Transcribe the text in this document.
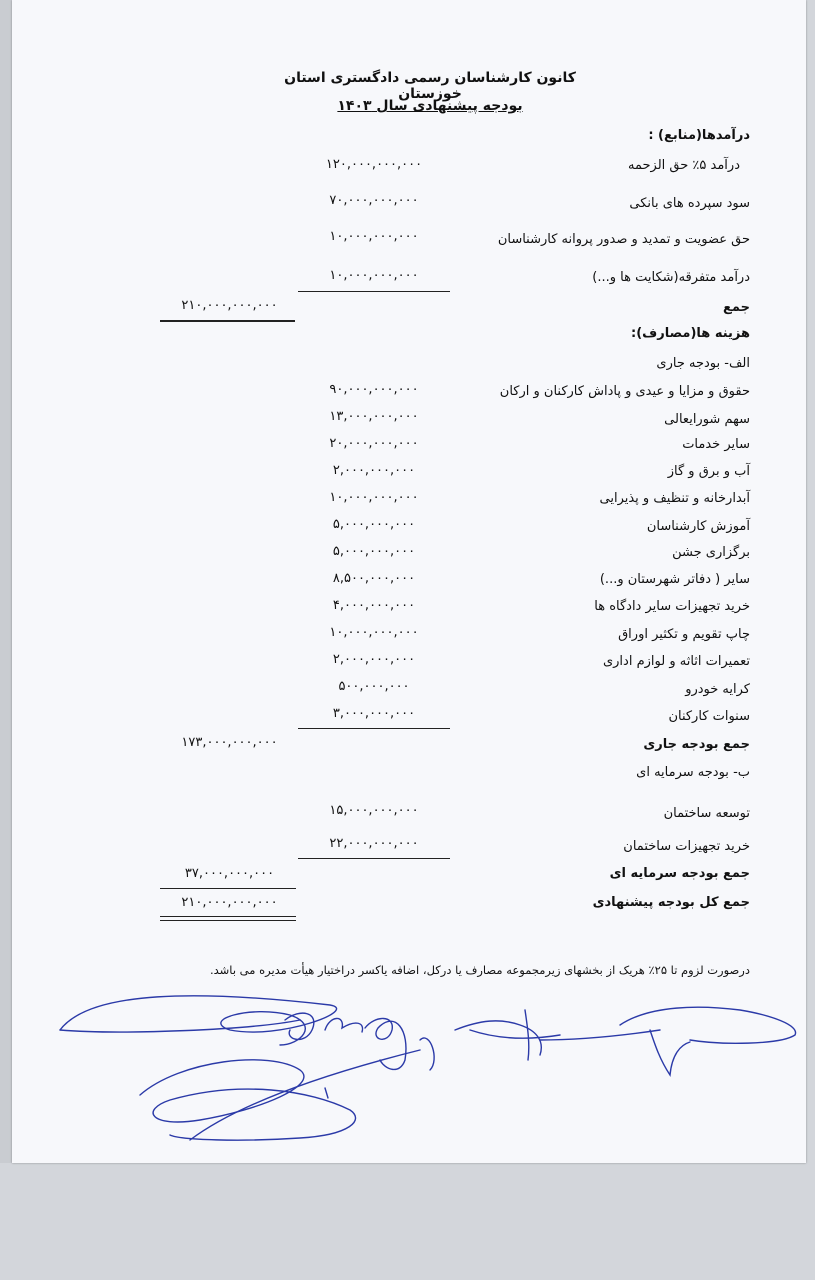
کانون کارشناسان رسمی دادگستری استان خوزستان
بودجه پیشنهادی سال ۱۴۰۳
درآمدها(منابع) :
درآمد ۵٪ حق الزحمه
۱۲۰,۰۰۰,۰۰۰,۰۰۰
سود سپرده های بانکی
۷۰,۰۰۰,۰۰۰,۰۰۰
حق عضویت و تمدید و صدور پروانه کارشناسان
۱۰,۰۰۰,۰۰۰,۰۰۰
درآمد متفرقه(شکایت ها و...)
۱۰,۰۰۰,۰۰۰,۰۰۰
جمع
۲۱۰,۰۰۰,۰۰۰,۰۰۰
هزینه ها(مصارف):
الف- بودجه جاری
حقوق و مزایا و عیدی و پاداش کارکنان و ارکان
۹۰,۰۰۰,۰۰۰,۰۰۰
سهم شورایعالی
۱۳,۰۰۰,۰۰۰,۰۰۰
سایر خدمات
۲۰,۰۰۰,۰۰۰,۰۰۰
آب و برق و گاز
۲,۰۰۰,۰۰۰,۰۰۰
آبدارخانه و تنظیف و پذیرایی
۱۰,۰۰۰,۰۰۰,۰۰۰
آموزش کارشناسان
۵,۰۰۰,۰۰۰,۰۰۰
برگزاری جشن
۵,۰۰۰,۰۰۰,۰۰۰
سایر ( دفاتر شهرستان و...)
۸,۵۰۰,۰۰۰,۰۰۰
خرید تجهیزات سایر دادگاه ها
۴,۰۰۰,۰۰۰,۰۰۰
چاپ تقویم و تکثیر اوراق
۱۰,۰۰۰,۰۰۰,۰۰۰
تعمیرات اثاثه و لوازم اداری
۲,۰۰۰,۰۰۰,۰۰۰
کرایه خودرو
۵۰۰,۰۰۰,۰۰۰
سنوات کارکنان
۳,۰۰۰,۰۰۰,۰۰۰
جمع بودجه جاری
۱۷۳,۰۰۰,۰۰۰,۰۰۰
ب- بودجه سرمایه ای
توسعه ساختمان
۱۵,۰۰۰,۰۰۰,۰۰۰
خرید تجهیزات ساختمان
۲۲,۰۰۰,۰۰۰,۰۰۰
جمع بودجه سرمایه ای
۳۷,۰۰۰,۰۰۰,۰۰۰
جمع کل بودجه پیشنهادی
۲۱۰,۰۰۰,۰۰۰,۰۰۰
درصورت لزوم تا ۲۵٪ هریک از بخشهای زیرمجموعه مصارف یا درکل، اضافه یاکسر دراختیار هیأت مدیره می باشد.
